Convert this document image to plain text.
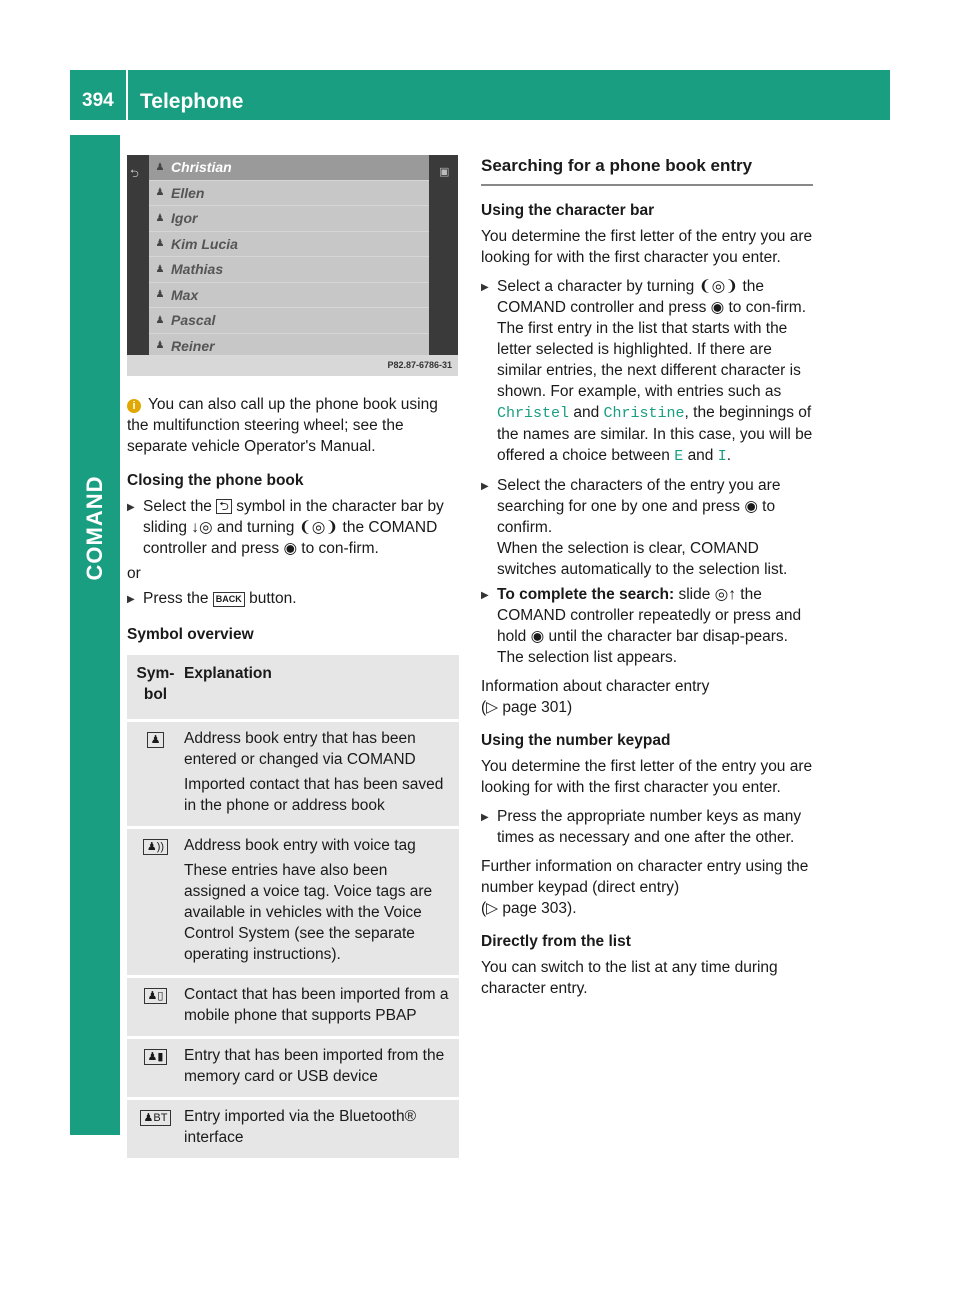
394 Telephone
COMAND
⮌	▣
♟ Christian
♟ Ellen
♟ Igor
♟ Kim Lucia
♟ Mathias
♟ Max
♟ Pascal
♟ Reiner
P82.87-6786-31

i You can also call up the phone book using the multifunction steering wheel; see the separate vehicle Operator's Manual.

Closing the phone book

▶ Select the ⮌ symbol in the character bar by sliding ↓◎ and turning ❨◎❩ the COMAND controller and press ◉ to con-firm.

or

▶ Press the BACK button.

Symbol overview

Sym-bol	Explanation
♟	Address book entry that has been entered or changed via COMAND
Imported contact that has been saved in the phone or address book

♟))	Address book entry with voice tag
These entries have also been assigned a voice tag. Voice tags are available in vehicles with the Voice Control System (see the separate operating instructions).

♟▯	Contact that has been imported from a mobile phone that supports PBAP

♟▮	Entry that has been imported from the memory card or USB device

♟BT	Entry imported via the Bluetooth® interface

Searching for a phone book entry

Using the character bar

You determine the first letter of the entry you are looking for with the first character you enter.

▶ Select a character by turning ❨◎❩ the COMAND controller and press ◉ to con-firm.
The first entry in the list that starts with the letter selected is highlighted. If there are similar entries, the next different character is shown. For example, with entries such as
Christel and Christine, the beginnings of the names are similar. In this case, you will be offered a choice between E and I.

▶ Select the characters of the entry you are searching for one by one and press ◉ to confirm.
When the selection is clear, COMAND switches automatically to the selection list.

▶ To complete the search: slide ◎↑ the COMAND controller repeatedly or press and hold ◉ until the character bar disap-pears.
The selection list appears.

Information about character entry
(▷ page 301)

Using the number keypad

You determine the first letter of the entry you are looking for with the first character you enter.

▶ Press the appropriate number keys as many times as necessary and one after the other.

Further information on character entry using the number keypad (direct entry)
(▷ page 303).

Directly from the list

You can switch to the list at any time during character entry.
